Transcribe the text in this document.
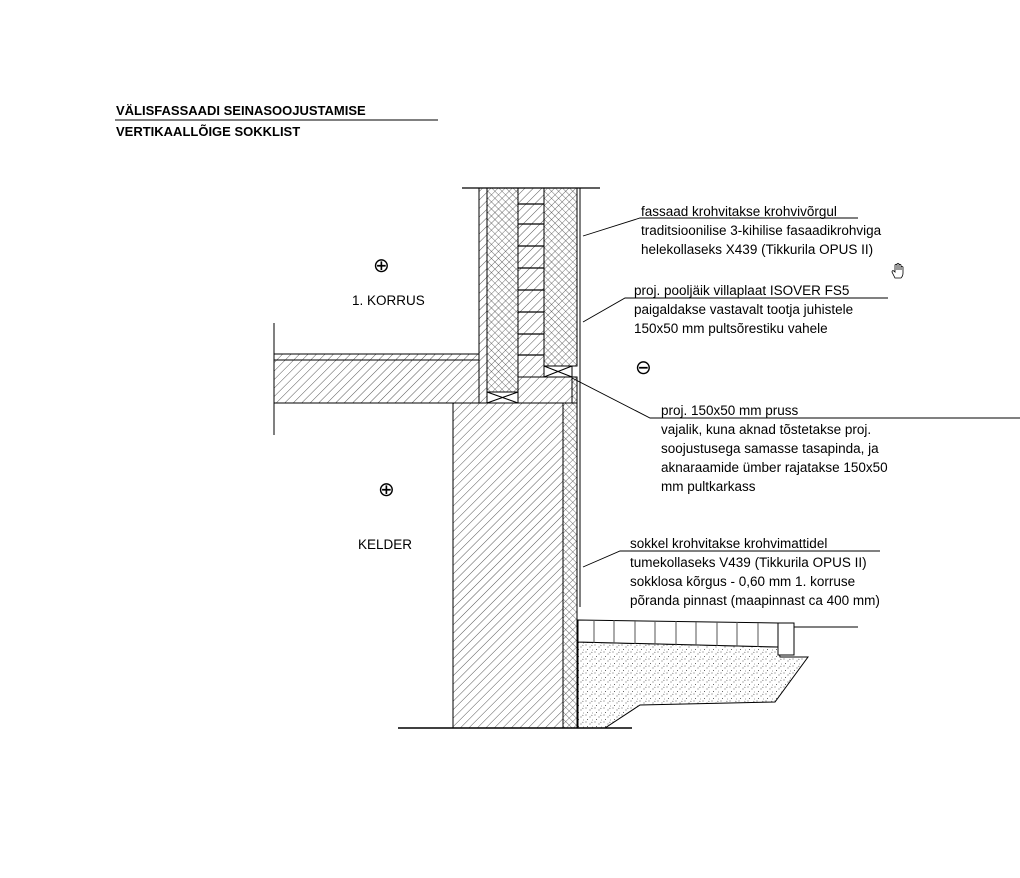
VÄLISFASSAADI SEINASOOJUSTAMISE
VERTIKAALLÕIGE SOKKLIST
⊕
1. KORRUS
⊕
KELDER
⊖
fassaad krohvitakse krohvivõrgul
traditsioonilise 3-kihilise fasaadikrohviga
helekollaseks X439 (Tikkurila OPUS II)
proj. pooljäik villaplaat ISOVER FS5
paigaldakse vastavalt tootja juhistele
150x50 mm pultsõrestiku vahele
proj. 150x50 mm pruss
vajalik, kuna aknad tõstetakse proj.
soojustusega samasse tasapinda, ja
aknaraamide ümber rajatakse 150x50
mm pultkarkass
sokkel krohvitakse krohvimattidel
tumekollaseks V439 (Tikkurila OPUS II)
sokklosa kõrgus - 0,60 mm 1. korruse
põranda pinnast (maapinnast ca 400 mm)
